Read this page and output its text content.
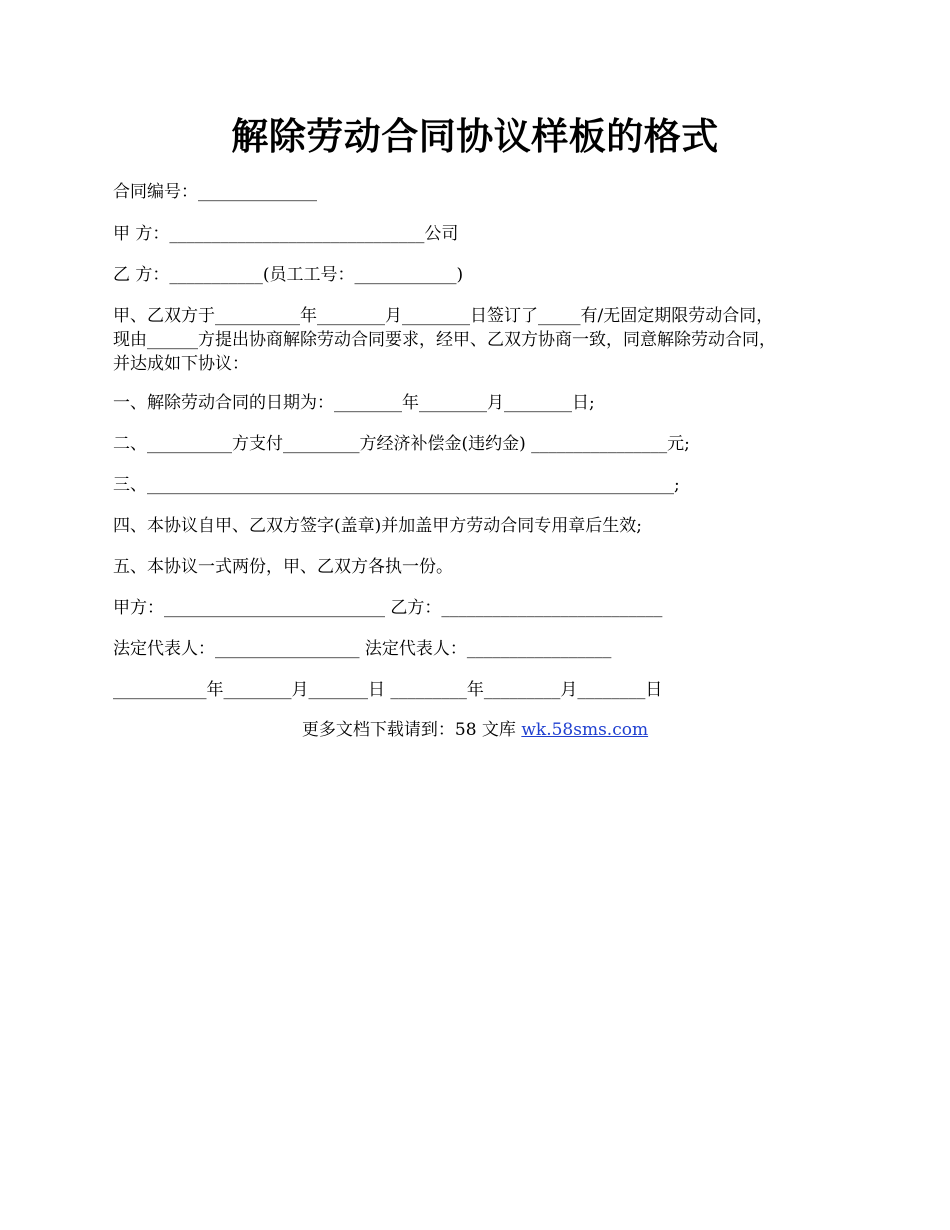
解除劳动合同协议样板的格式
合同编号：______________
甲 方：______________________________公司
乙 方：___________(员工工号：____________)
甲、乙双方于__________年________月________日签订了_____有/无固定期限劳动合同，
现由______方提出协商解除劳动合同要求，经甲、乙双方协商一致，同意解除劳动合同，
并达成如下协议：
一、解除劳动合同的日期为：________年________月________日;
二、__________方支付_________方经济补偿金(违约金) ________________元;
三、______________________________________________________________;
四、本协议自甲、乙双方签字(盖章)并加盖甲方劳动合同专用章后生效;
五、本协议一式两份，甲、乙双方各执一份。
甲方：__________________________ 乙方：__________________________
法定代表人：_________________ 法定代表人：_________________
___________年________月_______日 _________年_________月________日
更多文档下载请到：58 文库 wk.58sms.com
